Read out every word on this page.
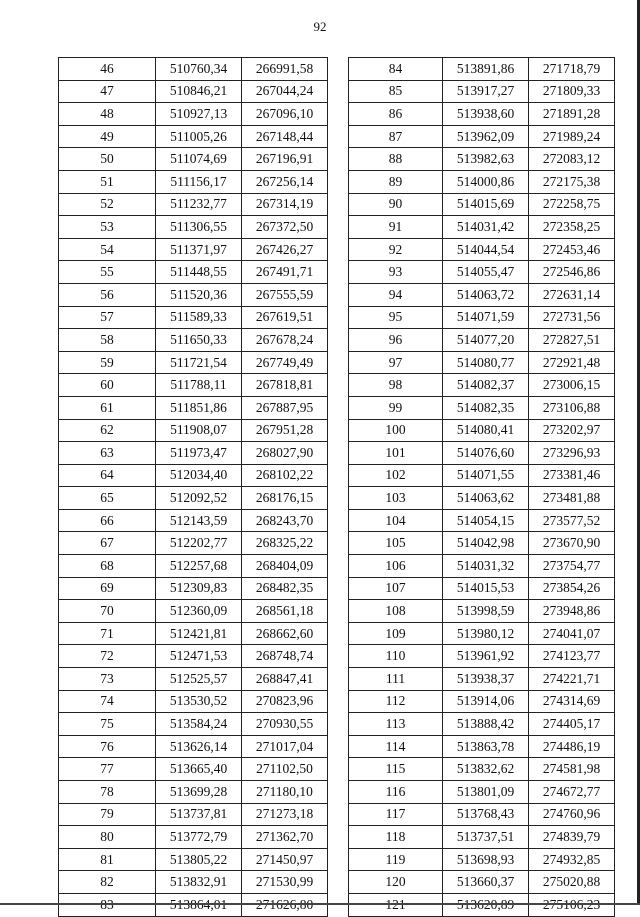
92
46	510760,34	266991,58
47	510846,21	267044,24
48	510927,13	267096,10
49	511005,26	267148,44
50	511074,69	267196,91
51	511156,17	267256,14
52	511232,77	267314,19
53	511306,55	267372,50
54	511371,97	267426,27
55	511448,55	267491,71
56	511520,36	267555,59
57	511589,33	267619,51
58	511650,33	267678,24
59	511721,54	267749,49
60	511788,11	267818,81
61	511851,86	267887,95
62	511908,07	267951,28
63	511973,47	268027,90
64	512034,40	268102,22
65	512092,52	268176,15
66	512143,59	268243,70
67	512202,77	268325,22
68	512257,68	268404,09
69	512309,83	268482,35
70	512360,09	268561,18
71	512421,81	268662,60
72	512471,53	268748,74
73	512525,57	268847,41
74	513530,52	270823,96
75	513584,24	270930,55
76	513626,14	271017,04
77	513665,40	271102,50
78	513699,28	271180,10
79	513737,81	271273,18
80	513772,79	271362,70
81	513805,22	271450,97
82	513832,91	271530,99

84	513891,86	271718,79
85	513917,27	271809,33
86	513938,60	271891,28
87	513962,09	271989,24
88	513982,63	272083,12
89	514000,86	272175,38
90	514015,69	272258,75
91	514031,42	272358,25
92	514044,54	272453,46
93	514055,47	272546,86
94	514063,72	272631,14
95	514071,59	272731,56
96	514077,20	272827,51
97	514080,77	272921,48
98	514082,37	273006,15
99	514082,35	273106,88
100	514080,41	273202,97
101	514076,60	273296,93
102	514071,55	273381,46
103	514063,62	273481,88
104	514054,15	273577,52
105	514042,98	273670,90
106	514031,32	273754,77
107	514015,53	273854,26
108	513998,59	273948,86
109	513980,12	274041,07
110	513961,92	274123,77
111	513938,37	274221,71
112	513914,06	274314,69
113	513888,42	274405,17
114	513863,78	274486,19
115	513832,62	274581,98
116	513801,09	274672,77
117	513768,43	274760,96
118	513737,51	274839,79
119	513698,93	274932,85
120	513660,37	275020,88
